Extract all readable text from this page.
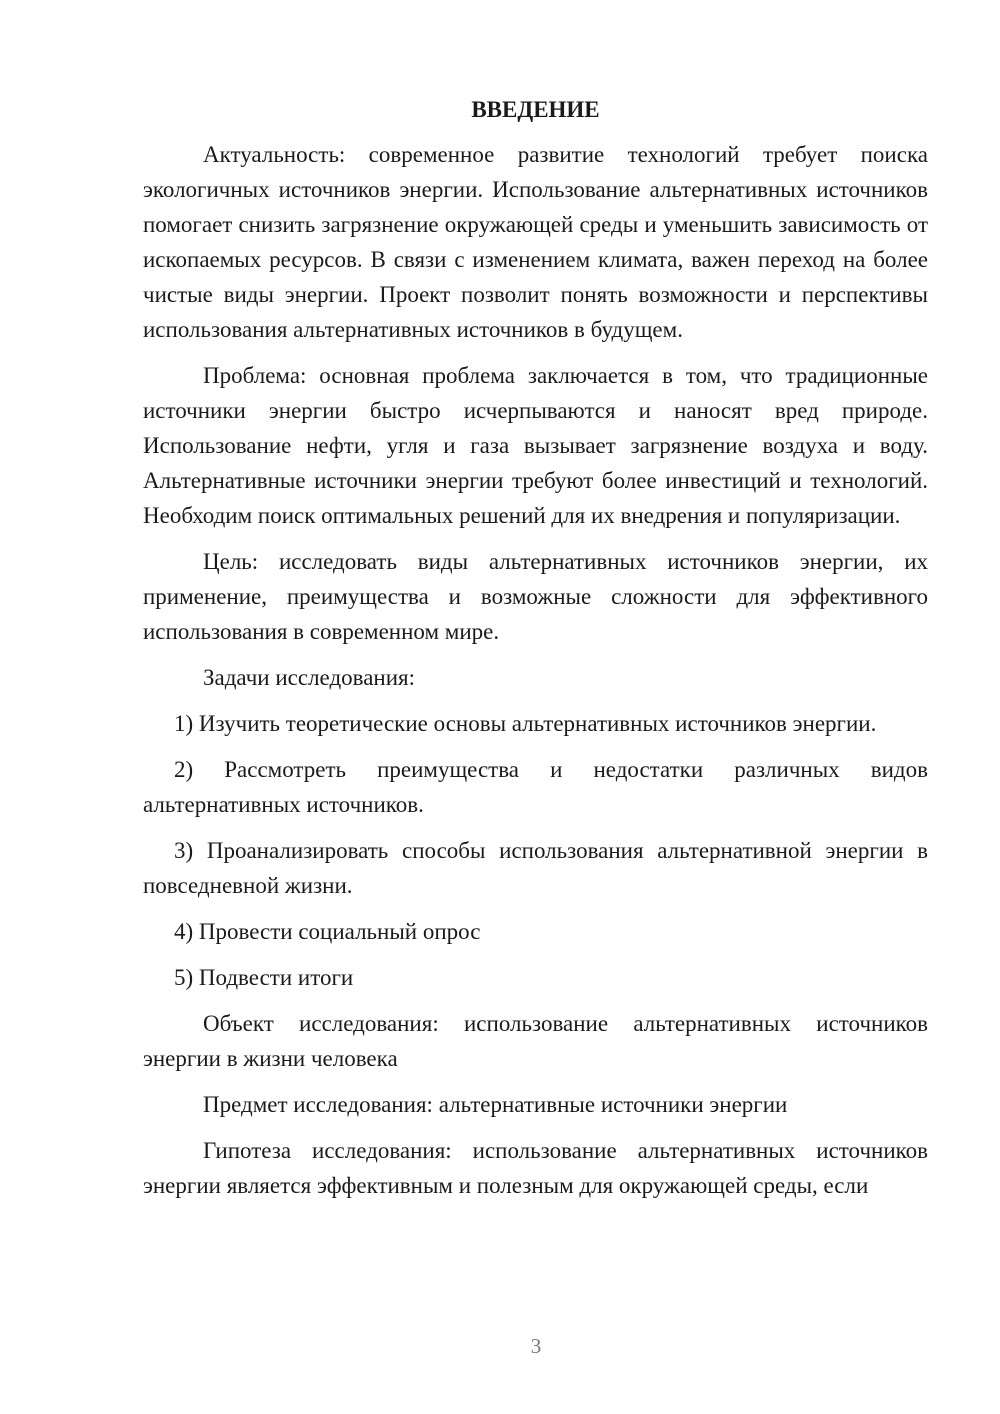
ВВЕДЕНИЕ

Актуальность: современное развитие технологий требует поиска экологичных источников энергии. Использование альтернативных источников помогает снизить загрязнение окружающей среды и уменьшить зависимость от ископаемых ресурсов. В связи с изменением климата, важен переход на более чистые виды энергии. Проект позволит понять возможности и перспективы использования альтернативных источников в будущем.

Проблема: основная проблема заключается в том, что традиционные источники энергии быстро исчерпываются и наносят вред природе. Использование нефти, угля и газа вызывает загрязнение воздуха и воду. Альтернативные источники энергии требуют более инвестиций и технологий. Необходим поиск оптимальных решений для их внедрения и популяризации.

Цель: исследовать виды альтернативных источников энергии, их применение, преимущества и возможные сложности для эффективного использования в современном мире.

Задачи исследования:

1) Изучить теоретические основы альтернативных источников энергии.

2) Рассмотреть преимущества и недостатки различных видов альтернативных источников.

3) Проанализировать способы использования альтернативной энергии в повседневной жизни.

4) Провести социальный опрос

5) Подвести итоги

Объект исследования: использование альтернативных источников энергии в жизни человека

Предмет исследования: альтернативные источники энергии

Гипотеза исследования: использование альтернативных источников энергии является эффективным и полезным для окружающей среды, если

3
